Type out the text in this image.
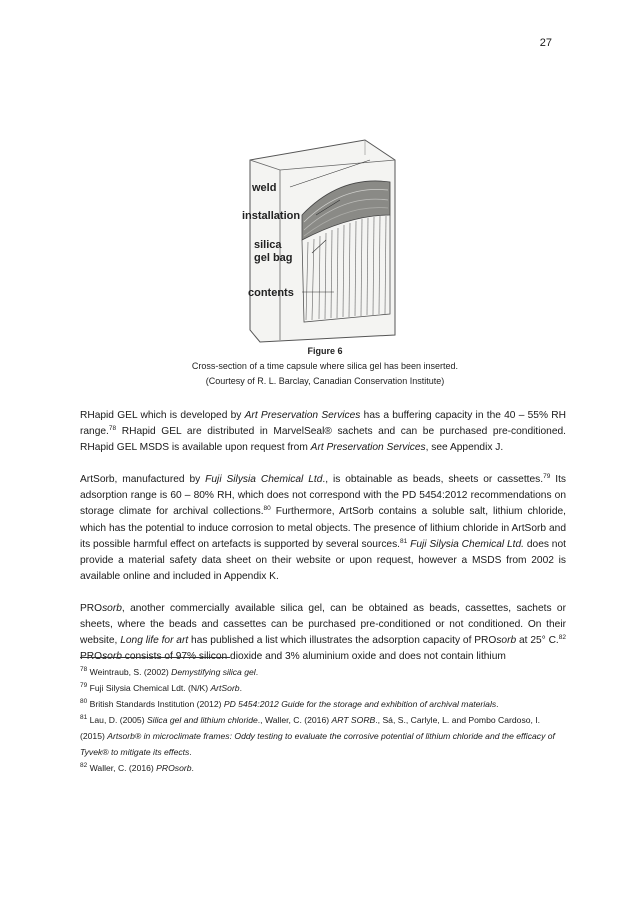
27
weld
installation
silica
gel bag
contents
Figure 6
Cross-section of a time capsule where silica gel has been inserted.
(Courtesy of R. L. Barclay, Canadian Conservation Institute)

RHapid GEL which is developed by Art Preservation Services has a buffering capacity in the 40 – 55% RH range.$^{78}$ RHapid GEL are distributed in MarvelSeal® sachets and can be purchased pre-conditioned. RHapid GEL MSDS is available upon request from Art Preservation Services, see Appendix J.

ArtSorb, manufactured by Fuji Silysia Chemical Ltd., is obtainable as beads, sheets or cassettes.$^{79}$ Its adsorption range is 60 – 80% RH, which does not correspond with the PD 5454:2012 recommendations on storage climate for archival collections.$^{80}$ Furthermore, ArtSorb contains a soluble salt, lithium chloride, which has the potential to induce corrosion to metal objects. The presence of lithium chloride in ArtSorb and its possible harmful effect on artefacts is supported by several sources.$^{81}$ Fuji Silysia Chemical Ltd. does not provide a material safety data sheet on their website or upon request, however a MSDS from 2002 is available online and included in Appendix K.

PROsorb, another commercially available silica gel, can be obtained as beads, cassettes, sachets or sheets, where the beads and cassettes can be purchased pre-conditioned or not conditioned. On their website, Long life for art has published a list which illustrates the adsorption capacity of PROsorb at 25° C.$^{82}$ PROsorb consists of 97% silicon dioxide and 3% aluminium oxide and does not contain lithium

$^{78}$ Weintraub, S. (2002) Demystifying silica gel.

$^{79}$ Fuji Silysia Chemical Ldt. (N/K) ArtSorb.

$^{80}$ British Standards Institution (2012) PD 5454:2012 Guide for the storage and exhibition of archival materials.

$^{81}$ Lau, D. (2005) Silica gel and lithium chloride., Waller, C. (2016) ART SORB., Sá, S., Carlyle, L. and Pombo Cardoso, I. (2015) Artsorb® in microclimate frames: Oddy testing to evaluate the corrosive potential of lithium chloride and the efficacy of Tyvek® to mitigate its effects.

$^{82}$ Waller, C. (2016) PROsorb.
